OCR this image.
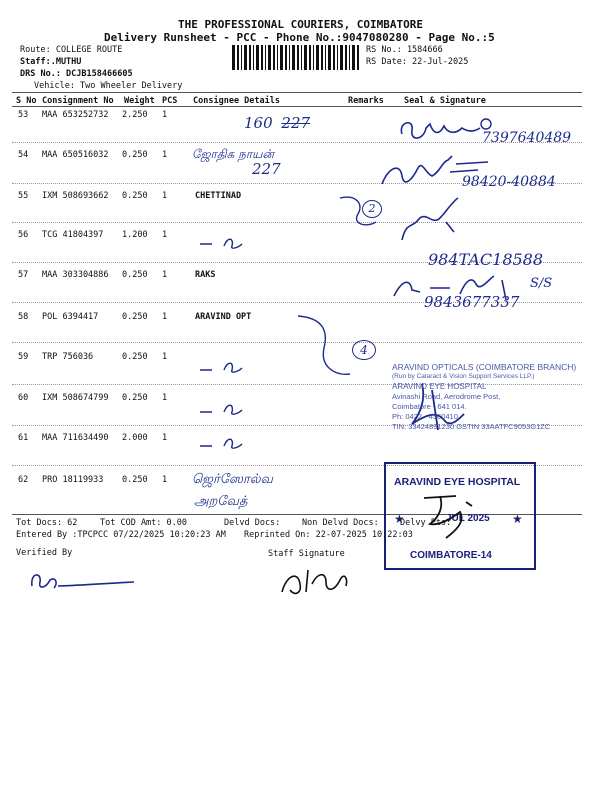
THE PROFESSIONAL COURIERS, COIMBATORE
Delivery Runsheet - PCC - Phone No.:9047080280 - Page No.:5
Route: COLLEGE ROUTE
Staff:.MUTHU
DRS No.: DCJB158466605
Vehicle: Two Wheeler Delivery
RS No.: 1584666
RS Date: 22-Jul-2025
S No Consignment No Weight PCS Consignee Details	Remarks Seal & Signature
53 MAA 653252732 2.250 1
54 MAA 650516032 0.250 1
55 IXM 508693662 0.250 1	CHETTINAD
56 TCG 41804397 1.200 1
57 MAA 303304886 0.250 1	RAKS
58 POL 6394417	0.250 1	ARAVIND OPT
59 TRP 756036	0.250 1
60 IXM 508674799 0.250 1
61 MAA 711634490 2.000 1
62 PRO 18119933 0.250 1
160 227
ஜோதிக நாயன்
227
7397640489
98420-40884
984TAC18588
9843677337
S/S
ஜெர்ஸோல்வ
அறவேத்
2
4
ARAVIND OPTICALS (COIMBATORE BRANCH)
(Run by Cataract & Vision Support Services LLP.)
ARAVIND EYE HOSPITAL
Avinashi Road, Aerodrome Post,
Coimbatore - 641 014.
Ph: 0422 - 4360410
TIN: 33424891230 GSTIN 33AATFC9053G1ZC
ARAVIND EYE HOSPITAL
★	JUL 2025 ★
COIMBATORE-14
Tot Docs: 62	Tot COD Amt: 0.00	Delvd Docs:	Non Delvd Docs: Delvy Pts:
Entered By :TPCPCC 07/22/2025 10:20:23 AM Reprinted On: 22-07-2025 10:22:03
Verified By	Staff Signature
